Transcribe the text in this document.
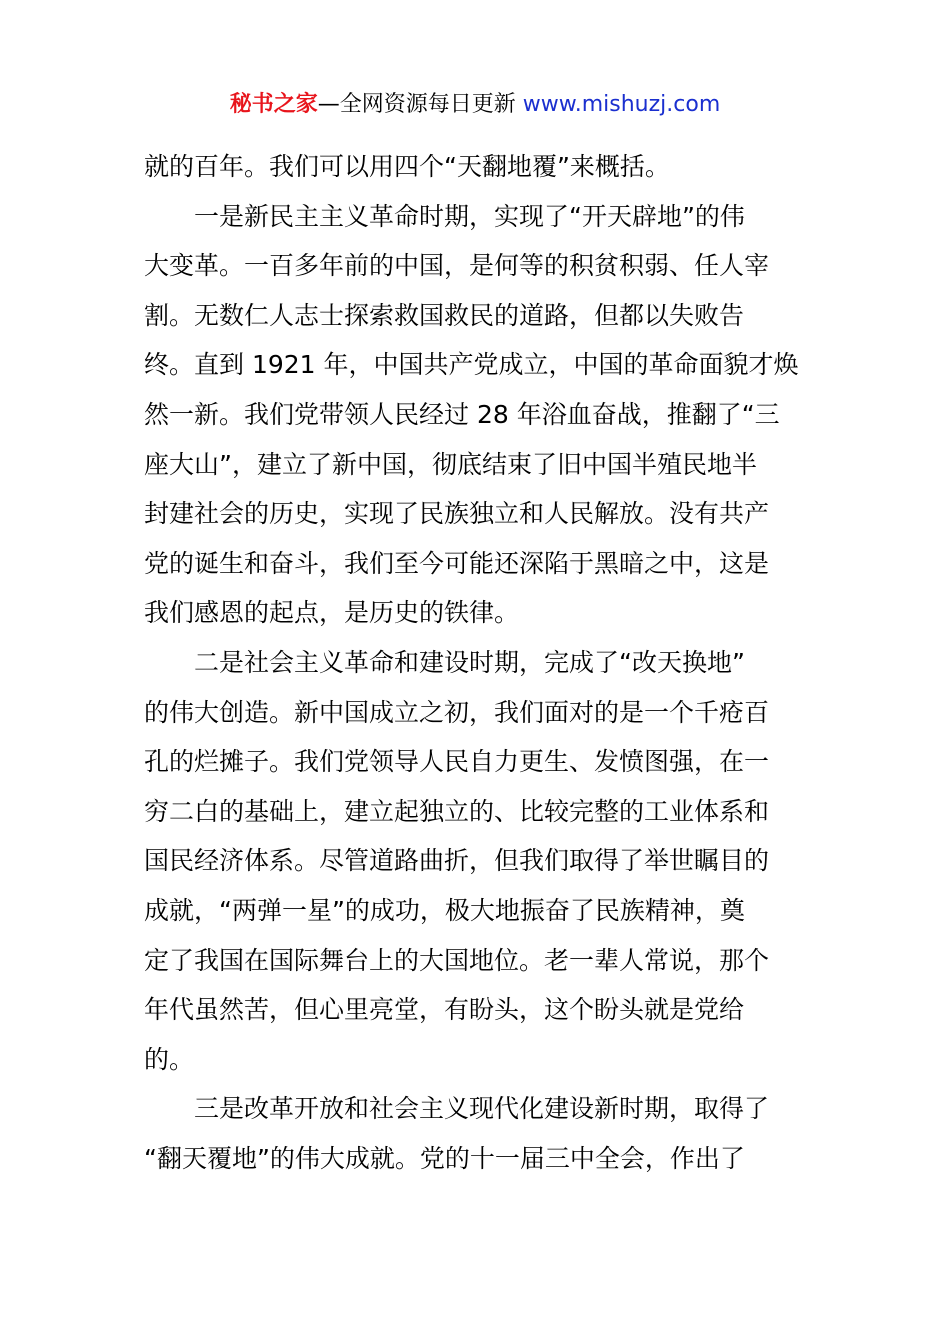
秘书之家—全网资源每日更新 www.mishuzj.com
就的百年。我们可以用四个“天翻地覆”来概括。
一是新民主主义革命时期，实现了“开天辟地”的伟
大变革。一百多年前的中国，是何等的积贫积弱、任人宰
割。无数仁人志士探索救国救民的道路，但都以失败告
终。直到 1921 年，中国共产党成立，中国的革命面貌才焕
然一新。我们党带领人民经过 28 年浴血奋战，推翻了“三
座大山”，建立了新中国，彻底结束了旧中国半殖民地半
封建社会的历史，实现了民族独立和人民解放。没有共产
党的诞生和奋斗，我们至今可能还深陷于黑暗之中，这是
我们感恩的起点，是历史的铁律。
二是社会主义革命和建设时期，完成了“改天换地”
的伟大创造。新中国成立之初，我们面对的是一个千疮百
孔的烂摊子。我们党领导人民自力更生、发愤图强，在一
穷二白的基础上，建立起独立的、比较完整的工业体系和
国民经济体系。尽管道路曲折，但我们取得了举世瞩目的
成就，“两弹一星”的成功，极大地振奋了民族精神，奠
定了我国在国际舞台上的大国地位。老一辈人常说，那个
年代虽然苦，但心里亮堂，有盼头，这个盼头就是党给
的。
三是改革开放和社会主义现代化建设新时期，取得了
“翻天覆地”的伟大成就。党的十一届三中全会，作出了
